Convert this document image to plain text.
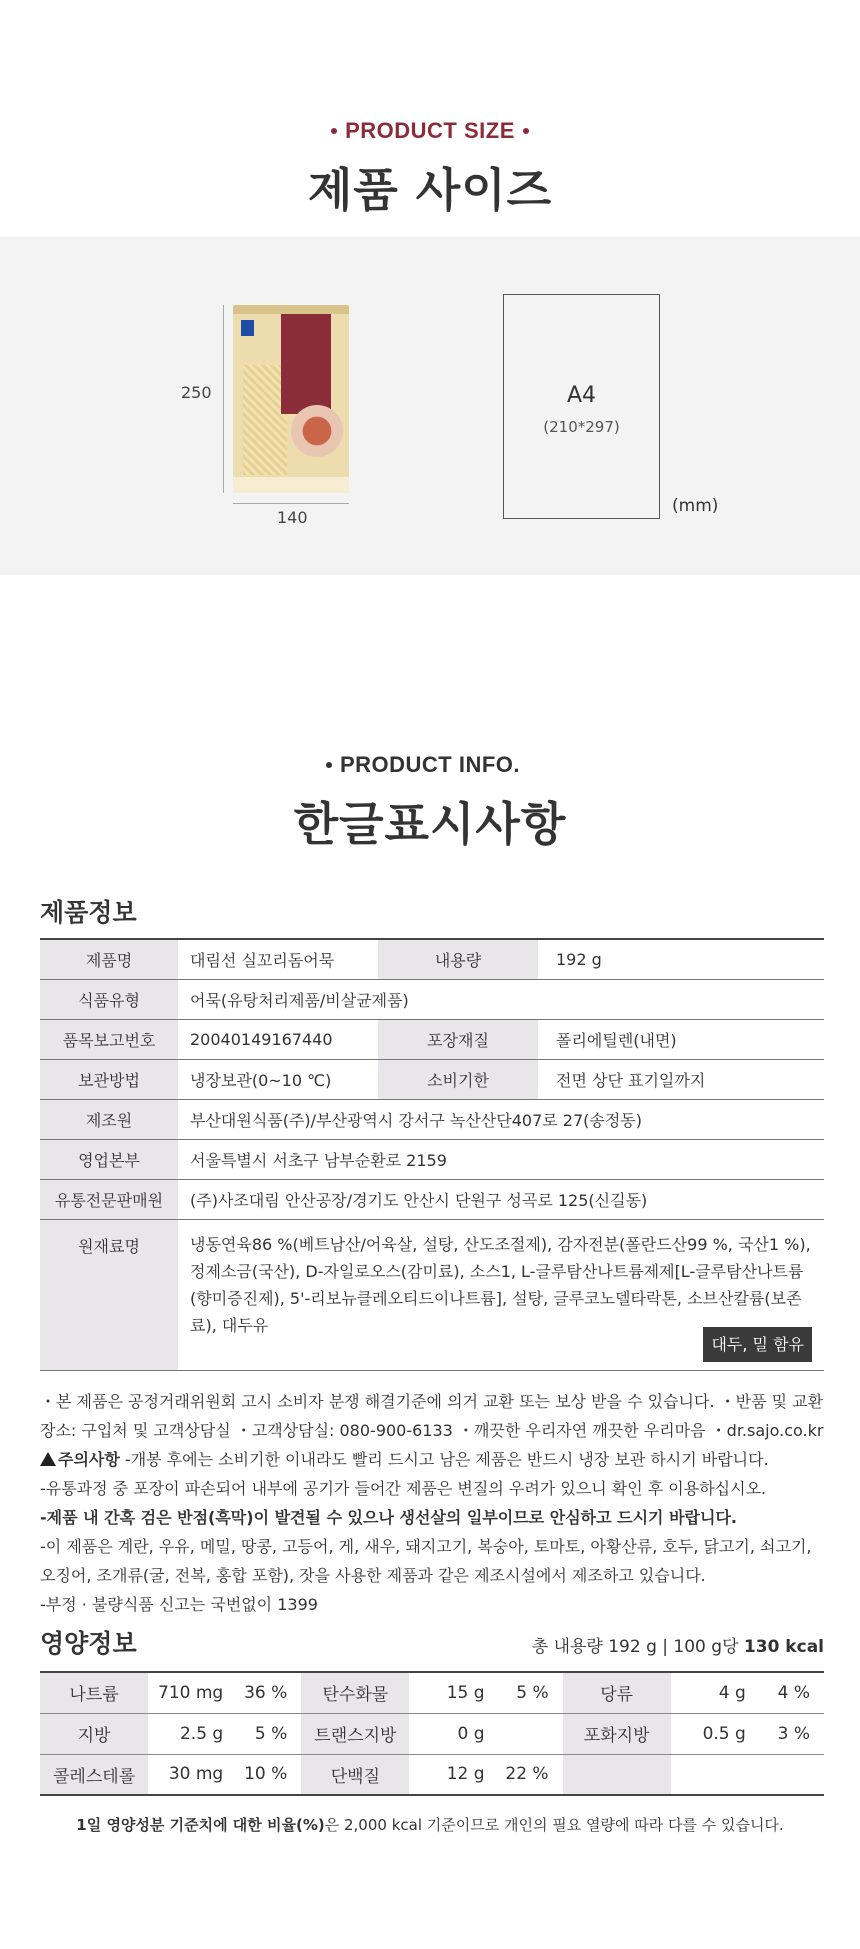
PRODUCT SIZE
제품 사이즈
250
140
A4
(210*297)
(mm)
PRODUCT INFO.
한글표시사항
제품정보
제품명	대림선 실꼬리돔어묵	내용량	192 g
식품유형	어묵(유탕처리제품/비살균제품)		
품목보고번호	20040149167440	포장재질	폴리에틸렌(내면)
보관방법	냉장보관(0~10 ℃)	소비기한	전면 상단 표기일까지
제조원	부산대원식품(주)/부산광역시 강서구 녹산산단407로 27(송정동)		
영업본부	서울특별시 서초구 남부순환로 2159		
유통전문판매원	(주)사조대림 안산공장/경기도 안산시 단원구 성곡로 125(신길동)		
원재료명	냉동연육86 %(베트남산/어육살, 설탕, 산도조절제), 감자전분(폴란드산99 %, 국산1 %), 정제소금(국산), D-자일로오스(감미료), 소스1, L-글루탐산나트륨제제[L-글루탐산나트륨(향미증진제), 5'-리보뉴클레오티드이나트륨], 설탕, 글루코노델타락톤, 소브산칼륨(보존료), 대두유
대두, 밀 함유		
・본 제품은 공정거래위원회 고시 소비자 분쟁 해결기준에 의거 교환 또는 보상 받을 수 있습니다. ・반품 및 교환장소: 구입처 및 고객상담실 ・고객상담실: 080-900-6133 ・깨끗한 우리자연 깨끗한 우리마음 ・dr.sajo.co.kr
주의사항 -개봉 후에는 소비기한 이내라도 빨리 드시고 남은 제품은 반드시 냉장 보관 하시기 바랍니다.
-유통과정 중 포장이 파손되어 내부에 공기가 들어간 제품은 변질의 우려가 있으니 확인 후 이용하십시오.
-제품 내 간혹 검은 반점(흑막)이 발견될 수 있으나 생선살의 일부이므로 안심하고 드시기 바랍니다.
-이 제품은 계란, 우유, 메밀, 땅콩, 고등어, 게, 새우, 돼지고기, 복숭아, 토마토, 아황산류, 호두, 닭고기, 쇠고기, 오징어, 조개류(굴, 전복, 홍합 포함), 잣을 사용한 제품과 같은 제조시설에서 제조하고 있습니다.
-부정 · 불량식품 신고는 국번없이 1399
영양정보	총 내용량 192 g | 100 g당 130 kcal
나트륨	710 mg	36 %	탄수화물	15 g	5 %	당류	4 g	4 %
지방	2.5 g	5 %	트랜스지방	0 g		포화지방	0.5 g	3 %
콜레스테롤	30 mg	10 %	단백질	12 g	22 %			
1일 영양성분 기준치에 대한 비율(%)은 2,000 kcal 기준이므로 개인의 필요 열량에 따라 다를 수 있습니다.
